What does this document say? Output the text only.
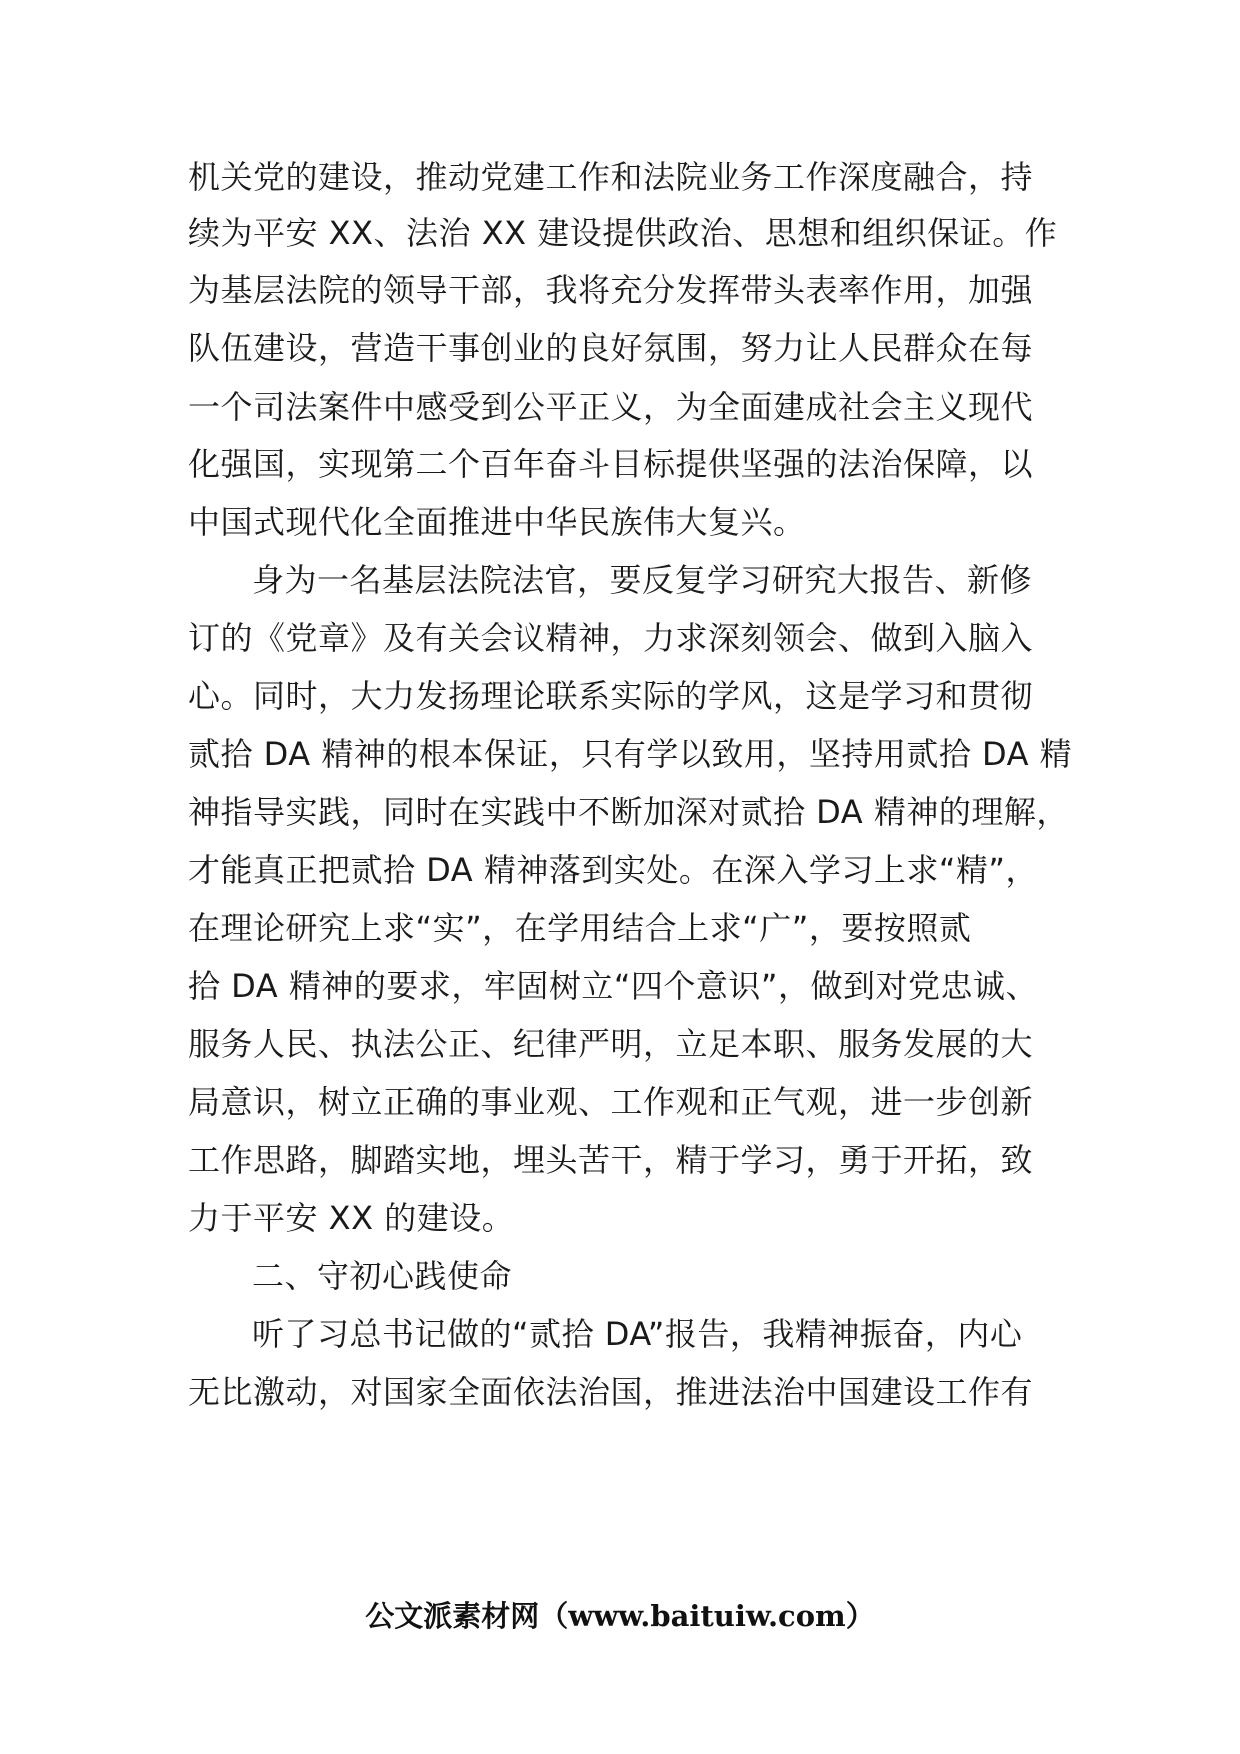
机关党的建设，推动党建工作和法院业务工作深度融合，持
续为平安 XX、法治 XX 建设提供政治、思想和组织保证。作
为基层法院的领导干部，我将充分发挥带头表率作用，加强
队伍建设，营造干事创业的良好氛围，努力让人民群众在每
一个司法案件中感受到公平正义，为全面建成社会主义现代
化强国，实现第二个百年奋斗目标提供坚强的法治保障，以
中国式现代化全面推进中华民族伟大复兴。
身为一名基层法院法官，要反复学习研究大报告、新修
订的《党章》及有关会议精神，力求深刻领会、做到入脑入
心。同时，大力发扬理论联系实际的学风，这是学习和贯彻
贰拾 DA 精神的根本保证，只有学以致用，坚持用贰拾 DA 精
神指导实践，同时在实践中不断加深对贰拾 DA 精神的理解，
才能真正把贰拾 DA 精神落到实处。在深入学习上求“精”，
在理论研究上求“实”，在学用结合上求“广”，要按照贰
拾 DA 精神的要求，牢固树立“四个意识”，做到对党忠诚、
服务人民、执法公正、纪律严明，立足本职、服务发展的大
局意识，树立正确的事业观、工作观和正气观，进一步创新
工作思路，脚踏实地，埋头苦干，精于学习，勇于开拓，致
力于平安 XX 的建设。
二、守初心践使命
听了习总书记做的“贰拾 DA”报告，我精神振奋，内心
无比激动，对国家全面依法治国，推进法治中国建设工作有
公文派素材网（www.baituiw.com）
